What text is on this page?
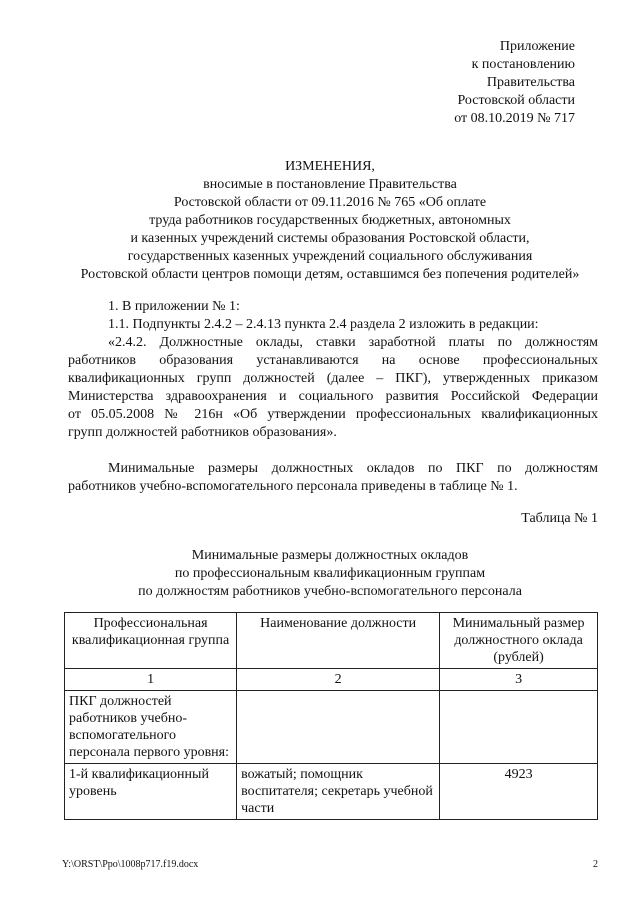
Приложение
к постановлению
Правительства
Ростовской области
от 08.10.2019 № 717
ИЗМЕНЕНИЯ,
вносимые в постановление Правительства
Ростовской области от 09.11.2016 № 765 «Об оплате
труда работников государственных бюджетных, автономных
и казенных учреждений системы образования Ростовской области,
государственных казенных учреждений социального обслуживания
Ростовской области центров помощи детям, оставшимся без попечения родителей»
1. В приложении № 1:
1.1. Подпункты 2.4.2 – 2.4.13 пункта 2.4 раздела 2 изложить в редакции:
«2.4.2. Должностные оклады, ставки заработной платы по должностям
работников образования устанавливаются на основе профессиональных
квалификационных групп должностей (далее – ПКГ), утвержденных приказом
Министерства здравоохранения и социального развития Российской Федерации
от 05.05.2008 № 216н «Об утверждении профессиональных квалификационных
групп должностей работников образования».
Минимальные размеры должностных окладов по ПКГ по должностям
работников учебно-вспомогательного персонала приведены в таблице № 1.
Таблица № 1
Минимальные размеры должностных окладов
по профессиональным квалификационным группам
по должностям работников учебно-вспомогательного персонала
Профессиональная квалификационная группа	Наименование должности	Минимальный размер должностного оклада (рублей)
1	2	3
ПКГ должностей работников учебно-вспомогательного персонала первого уровня:		
1-й квалификационный уровень	вожатый; помощник воспитателя; секретарь учебной части	4923
Y:\ORST\Ppo\1008p717.f19.docx	2
